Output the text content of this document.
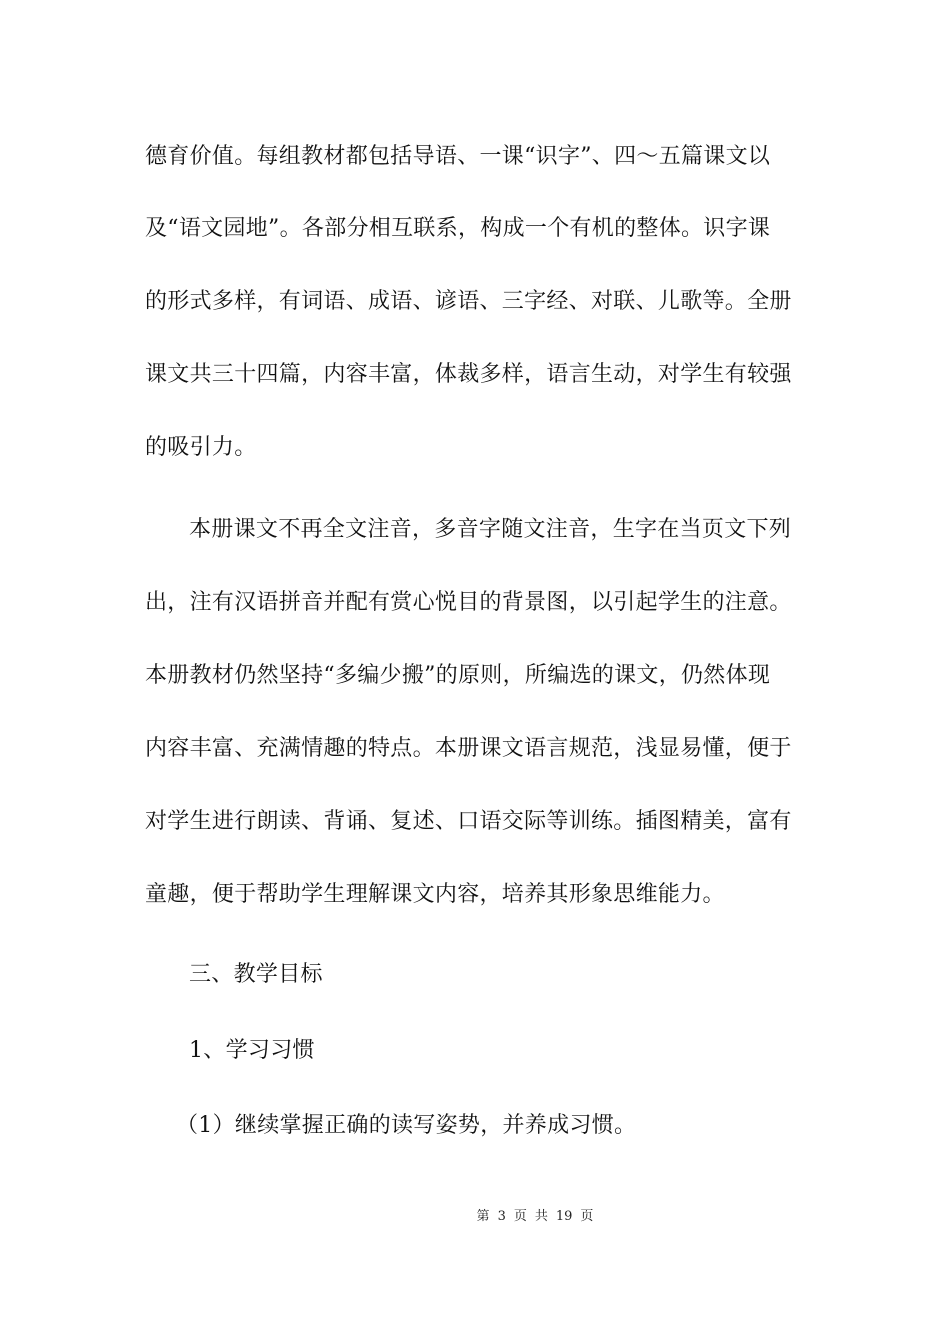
德育价值。每组教材都包括导语、一课“识字”、四～五篇课文以
及“语文园地”。各部分相互联系，构成一个有机的整体。识字课
的形式多样，有词语、成语、谚语、三字经、对联、儿歌等。全册
课文共三十四篇，内容丰富，体裁多样，语言生动，对学生有较强
的吸引力。
本册课文不再全文注音，多音字随文注音，生字在当页文下列
出，注有汉语拼音并配有赏心悦目的背景图，以引起学生的注意。
本册教材仍然坚持“多编少搬”的原则，所编选的课文，仍然体现
内容丰富、充满情趣的特点。本册课文语言规范，浅显易懂，便于
对学生进行朗读、背诵、复述、口语交际等训练。插图精美，富有
童趣，便于帮助学生理解课文内容，培养其形象思维能力。
三、教学目标
1、学习习惯
（1）继续掌握正确的读写姿势，并养成习惯。
第 3 页 共 19 页
